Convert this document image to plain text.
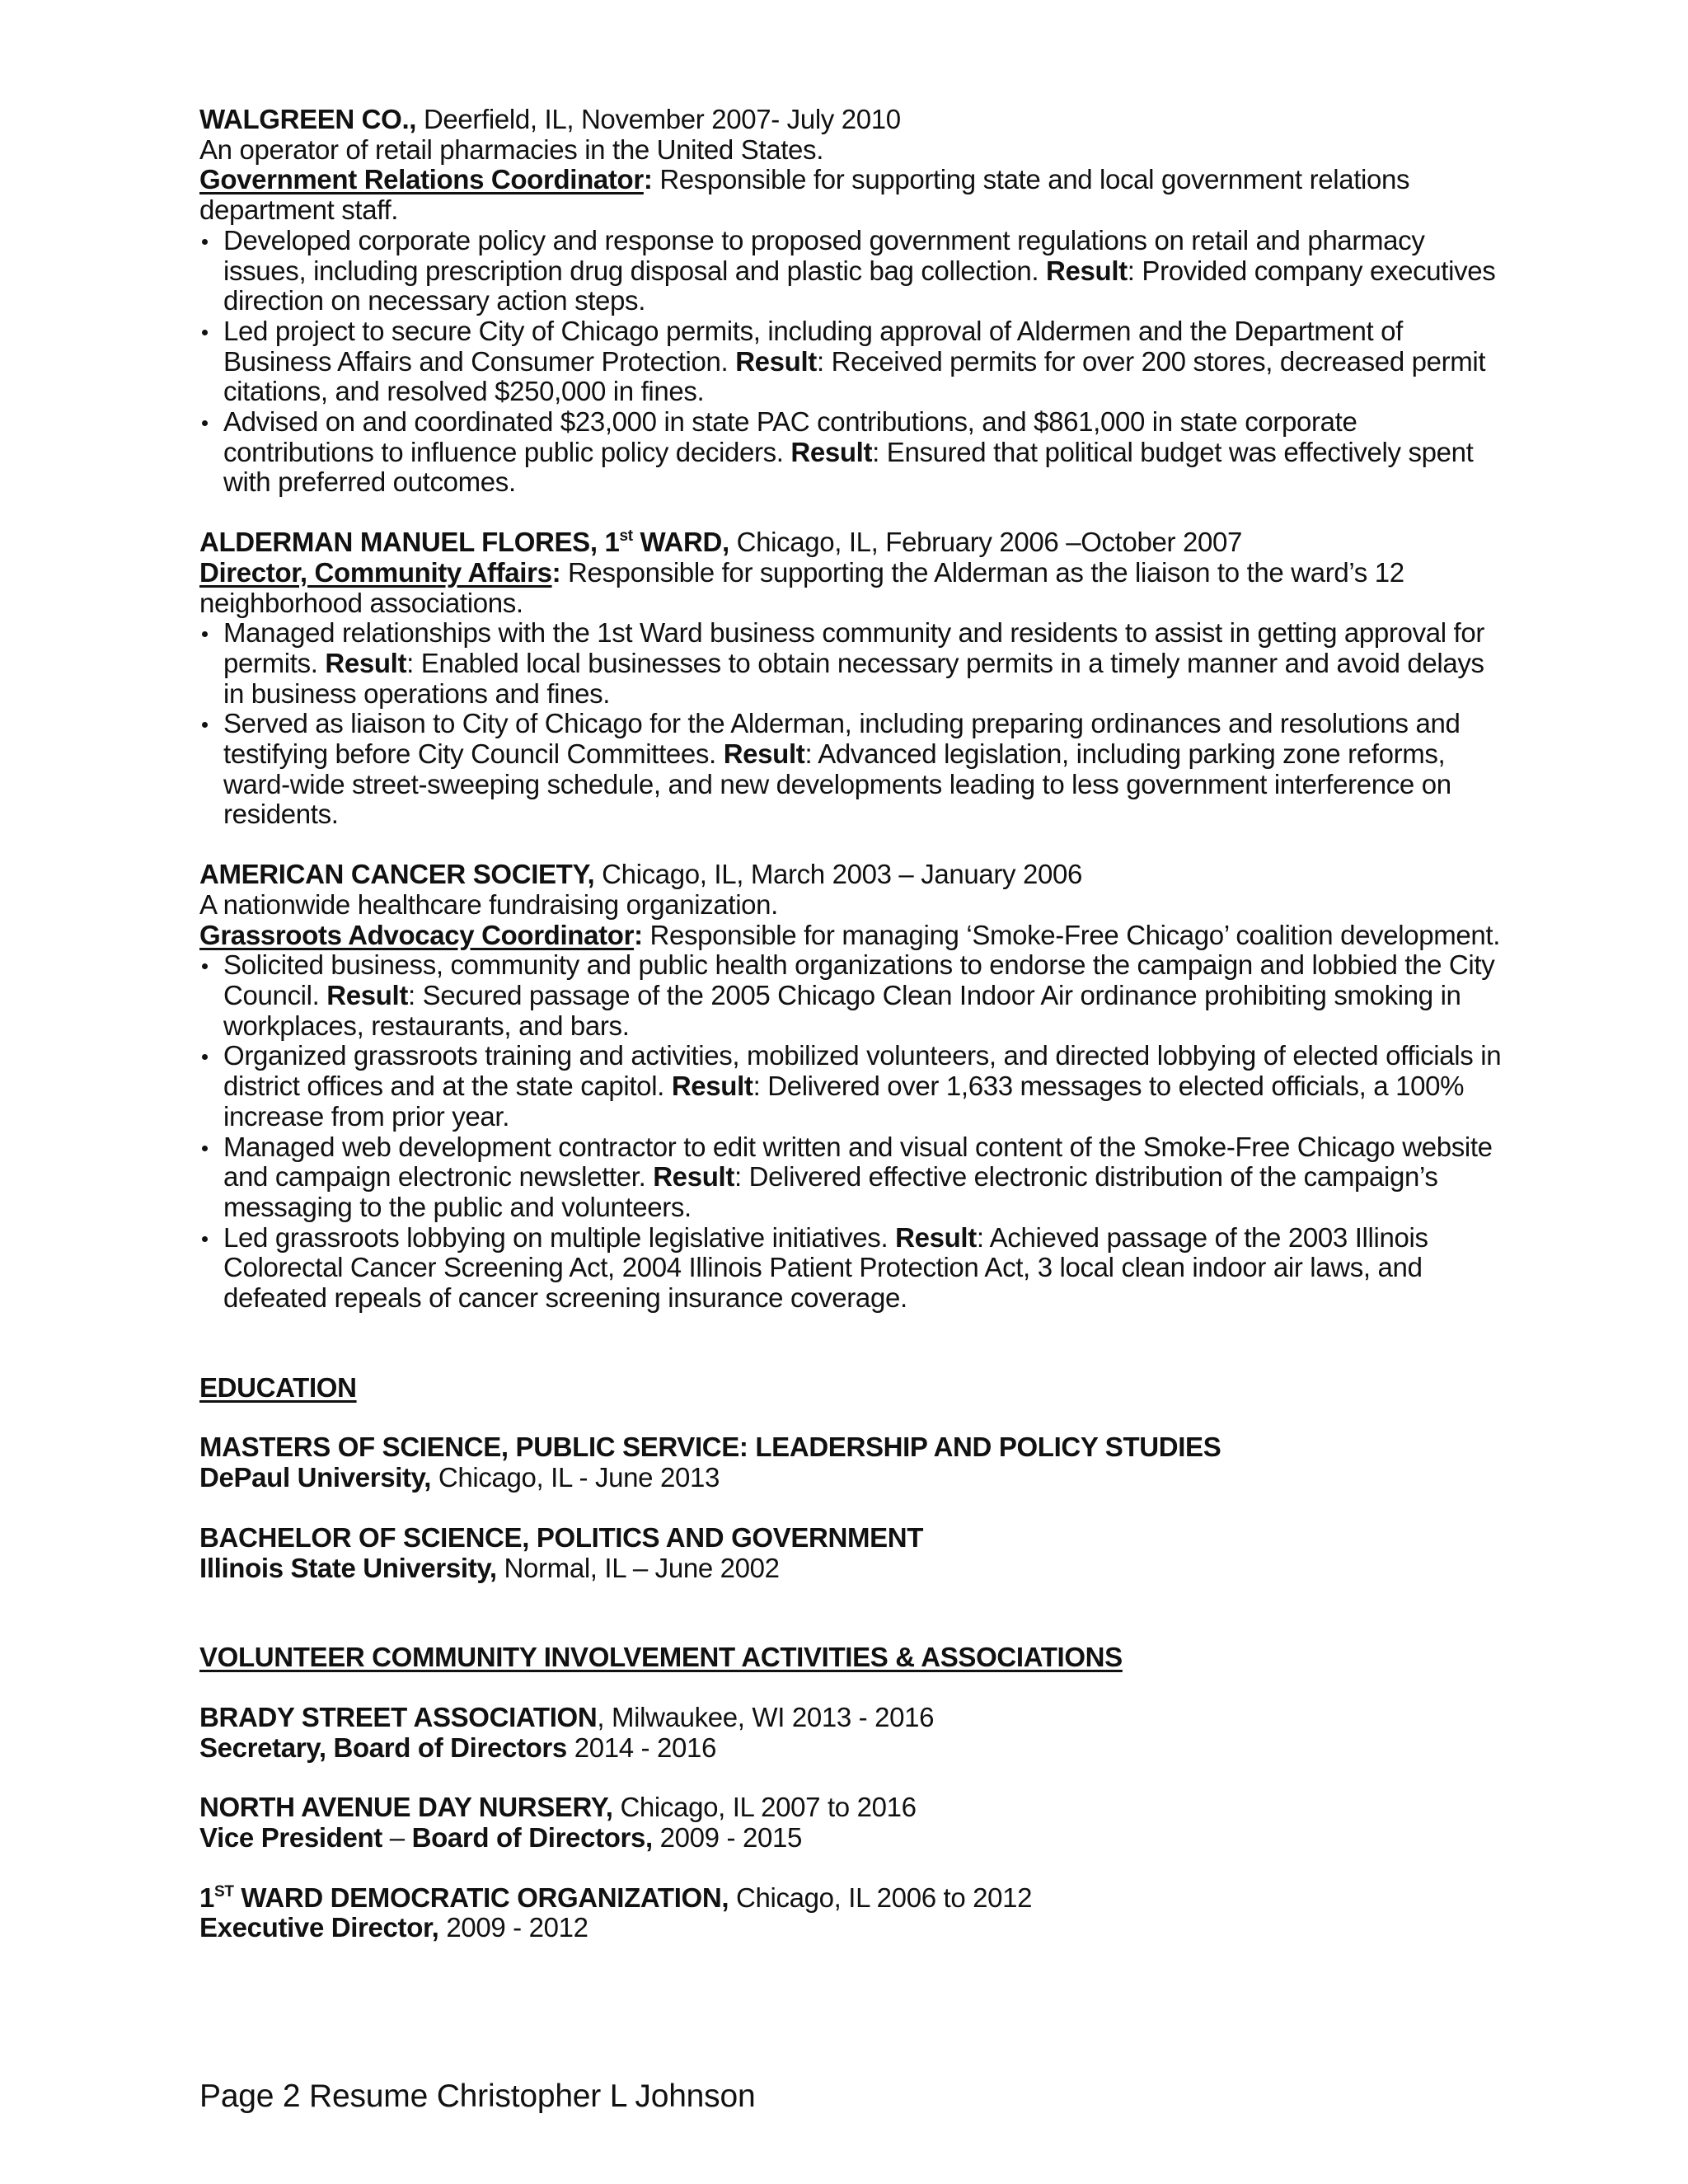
WALGREEN CO., Deerfield, IL, November 2007- July 2010

An operator of retail pharmacies in the United States.

Government Relations Coordinator: Responsible for supporting state and local government relations department staff.

Developed corporate policy and response to proposed government regulations on retail and pharmacy issues, including prescription drug disposal and plastic bag collection. Result: Provided company executives direction on necessary action steps.
Led project to secure City of Chicago permits, including approval of Aldermen and the Department of Business Affairs and Consumer Protection. Result: Received permits for over 200 stores, decreased permit citations, and resolved $250,000 in fines.
Advised on and coordinated $23,000 in state PAC contributions, and $861,000 in state corporate contributions to influence public policy deciders. Result: Ensured that political budget was effectively spent with preferred outcomes.

ALDERMAN MANUEL FLORES, 1st WARD, Chicago, IL, February 2006 –October 2007

Director, Community Affairs: Responsible for supporting the Alderman as the liaison to the ward’s 12 neighborhood associations.

Managed relationships with the 1st Ward business community and residents to assist in getting approval for permits. Result: Enabled local businesses to obtain necessary permits in a timely manner and avoid delays in business operations and fines.
Served as liaison to City of Chicago for the Alderman, including preparing ordinances and resolutions and testifying before City Council Committees. Result: Advanced legislation, including parking zone reforms, ward-wide street-sweeping schedule, and new developments leading to less government interference on residents.

AMERICAN CANCER SOCIETY, Chicago, IL, March 2003 – January 2006

A nationwide healthcare fundraising organization.

Grassroots Advocacy Coordinator: Responsible for managing ‘Smoke-Free Chicago’ coalition development.

Solicited business, community and public health organizations to endorse the campaign and lobbied the City Council. Result: Secured passage of the 2005 Chicago Clean Indoor Air ordinance prohibiting smoking in workplaces, restaurants, and bars.
Organized grassroots training and activities, mobilized volunteers, and directed lobbying of elected officials in district offices and at the state capitol. Result: Delivered over 1,633 messages to elected officials, a 100% increase from prior year.
Managed web development contractor to edit written and visual content of the Smoke-Free Chicago website and campaign electronic newsletter. Result: Delivered effective electronic distribution of the campaign’s messaging to the public and volunteers.
Led grassroots lobbying on multiple legislative initiatives. Result: Achieved passage of the 2003 Illinois Colorectal Cancer Screening Act, 2004 Illinois Patient Protection Act, 3 local clean indoor air laws, and defeated repeals of cancer screening insurance coverage.

EDUCATION

MASTERS OF SCIENCE, PUBLIC SERVICE: LEADERSHIP AND POLICY STUDIES

DePaul University, Chicago, IL - June 2013

BACHELOR OF SCIENCE, POLITICS AND GOVERNMENT

Illinois State University, Normal, IL – June 2002

VOLUNTEER COMMUNITY INVOLVEMENT ACTIVITIES & ASSOCIATIONS

BRADY STREET ASSOCIATION, Milwaukee, WI 2013 - 2016

Secretary, Board of Directors 2014 - 2016

NORTH AVENUE DAY NURSERY, Chicago, IL 2007 to 2016

Vice President – Board of Directors, 2009 - 2015

1ST WARD DEMOCRATIC ORGANIZATION, Chicago, IL 2006 to 2012

Executive Director, 2009 - 2012

Page 2 Resume Christopher L Johnson
